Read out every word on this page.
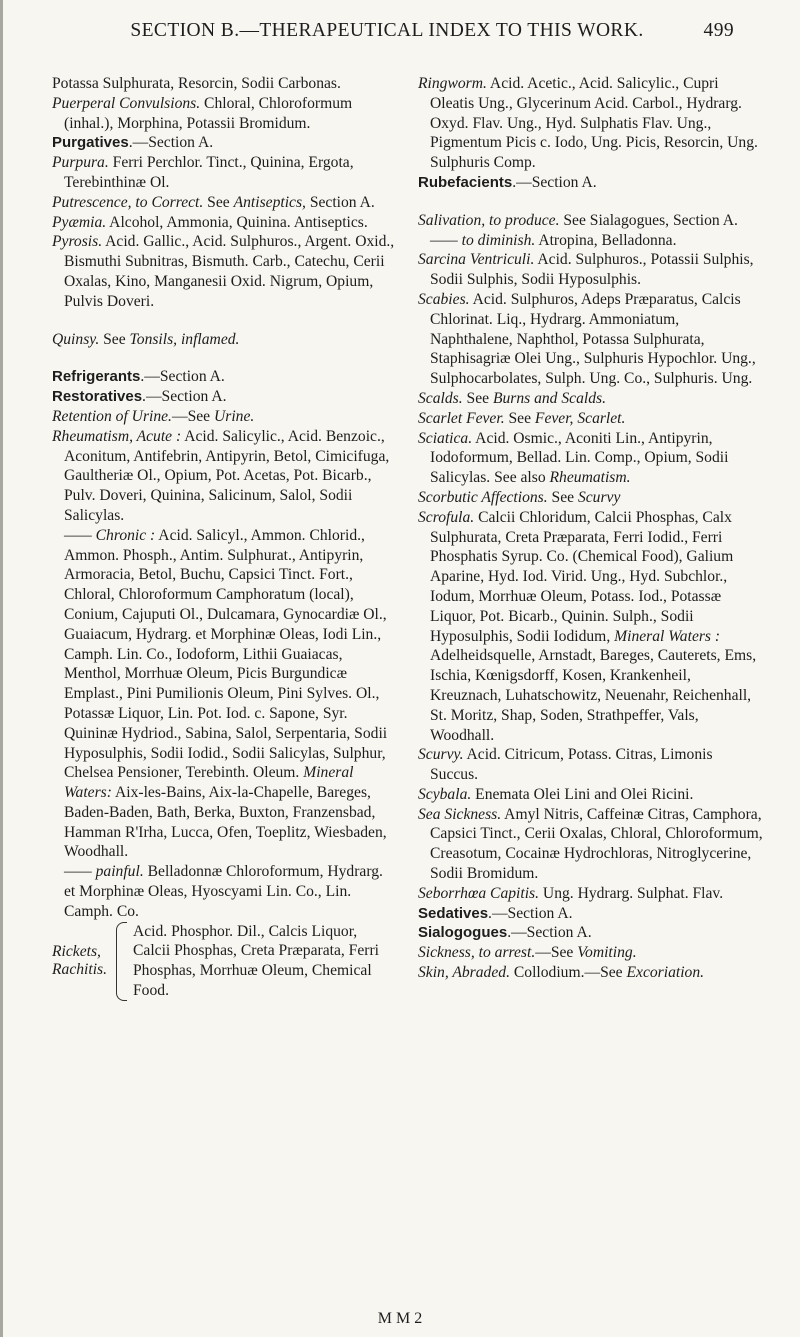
SECTION B.—THERAPEUTICAL INDEX TO THIS WORK.	499

Potassa Sulphurata, Resorcin, Sodii Carbonas.

Puerperal Convulsions. Chloral, Chloroformum (inhal.), Morphina, Potassii Bromidum.

Purgatives.—Section A.

Purpura. Ferri Perchlor. Tinct., Quinina, Ergota, Terebinthinæ Ol.

Putrescence, to Correct. See Antiseptics, Section A.

Pyæmia. Alcohol, Ammonia, Quinina. Antiseptics.

Pyrosis. Acid. Gallic., Acid. Sulphuros., Argent. Oxid., Bismuthi Subnitras, Bismuth. Carb., Catechu, Cerii Oxalas, Kino, Manganesii Oxid. Nigrum, Opium, Pulvis Doveri.

Quinsy. See Tonsils, inflamed.

Refrigerants.—Section A.

Restoratives.—Section A.

Retention of Urine.—See Urine.

Rheumatism, Acute : Acid. Salicylic., Acid. Benzoic., Aconitum, Antifebrin, Antipyrin, Betol, Cimicifuga, Gaultheriæ Ol., Opium, Pot. Acetas, Pot. Bicarb., Pulv. Doveri, Quinina, Salicinum, Salol, Sodii Salicylas.

—— Chronic : Acid. Salicyl., Ammon. Chlorid., Ammon. Phosph., Antim. Sulphurat., Antipyrin, Armoracia, Betol, Buchu, Capsici Tinct. Fort., Chloral, Chloroformum Camphoratum (local), Conium, Cajuputi Ol., Dulcamara, Gynocardiæ Ol., Guaiacum, Hydrarg. et Morphinæ Oleas, Iodi Lin., Camph. Lin. Co., Iodoform, Lithii Guaiacas, Menthol, Morrhuæ Oleum, Picis Burgundicæ Emplast., Pini Pumilionis Oleum, Pini Sylves. Ol., Potassæ Liquor, Lin. Pot. Iod. c. Sapone, Syr. Quininæ Hydriod., Sabina, Salol, Serpentaria, Sodii Hyposulphis, Sodii Iodid., Sodii Salicylas, Sulphur, Chelsea Pensioner, Terebinth. Oleum. Mineral Waters: Aix-les-Bains, Aix-la-Chapelle, Bareges, Baden-Baden, Bath, Berka, Buxton, Franzensbad, Hamman R'Irha, Lucca, Ofen, Toeplitz, Wiesbaden, Woodhall.

—— painful. Belladonnæ Chloroformum, Hydrarg. et Morphinæ Oleas, Hyoscyami Lin. Co., Lin. Camph. Co.

Rickets,
Rachitis.
Acid. Phosphor. Dil., Calcis Liquor, Calcii Phosphas, Creta Præparata, Ferri Phosphas, Morrhuæ Oleum, Chemical Food.

Ringworm. Acid. Acetic., Acid. Salicylic., Cupri Oleatis Ung., Glycerinum Acid. Carbol., Hydrarg. Oxyd. Flav. Ung., Hyd. Sulphatis Flav. Ung., Pigmentum Picis c. Iodo, Ung. Picis, Resorcin, Ung. Sulphuris Comp.

Rubefacients.—Section A.

Salivation, to produce. See Sialagogues, Section A.

—— to diminish. Atropina, Belladonna.

Sarcina Ventriculi. Acid. Sulphuros., Potassii Sulphis, Sodii Sulphis, Sodii Hyposulphis.

Scabies. Acid. Sulphuros, Adeps Præparatus, Calcis Chlorinat. Liq., Hydrarg. Ammoniatum, Naphthalene, Naphthol, Potassa Sulphurata, Staphisagriæ Olei Ung., Sulphuris Hypochlor. Ung., Sulphocarbolates, Sulph. Ung. Co., Sulphuris. Ung.

Scalds. See Burns and Scalds.

Scarlet Fever. See Fever, Scarlet.

Sciatica. Acid. Osmic., Aconiti Lin., Antipyrin, Iodoformum, Bellad. Lin. Comp., Opium, Sodii Salicylas. See also Rheumatism.

Scorbutic Affections. See Scurvy

Scrofula. Calcii Chloridum, Calcii Phosphas, Calx Sulphurata, Creta Præparata, Ferri Iodid., Ferri Phosphatis Syrup. Co. (Chemical Food), Galium Aparine, Hyd. Iod. Virid. Ung., Hyd. Subchlor., Iodum, Morrhuæ Oleum, Potass. Iod., Potassæ Liquor, Pot. Bicarb., Quinin. Sulph., Sodii Hyposulphis, Sodii Iodidum, Mineral Waters : Adelheidsquelle, Arnstadt, Bareges, Cauterets, Ems, Ischia, Kœnigsdorff, Kosen, Krankenheil, Kreuznach, Luhatschowitz, Neuenahr, Reichenhall, St. Moritz, Shap, Soden, Strathpeffer, Vals, Woodhall.

Scurvy. Acid. Citricum, Potass. Citras, Limonis Succus.

Scybala. Enemata Olei Lini and Olei Ricini.

Sea Sickness. Amyl Nitris, Caffeinæ Citras, Camphora, Capsici Tinct., Cerii Oxalas, Chloral, Chloroformum, Creasotum, Cocainæ Hydrochloras, Nitroglycerine, Sodii Bromidum.

Seborrhœa Capitis. Ung. Hydrarg. Sulphat. Flav.

Sedatives.—Section A.

Sialogogues.—Section A.

Sickness, to arrest.—See Vomiting.

Skin, Abraded. Collodium.—See Excoriation.

M M 2
